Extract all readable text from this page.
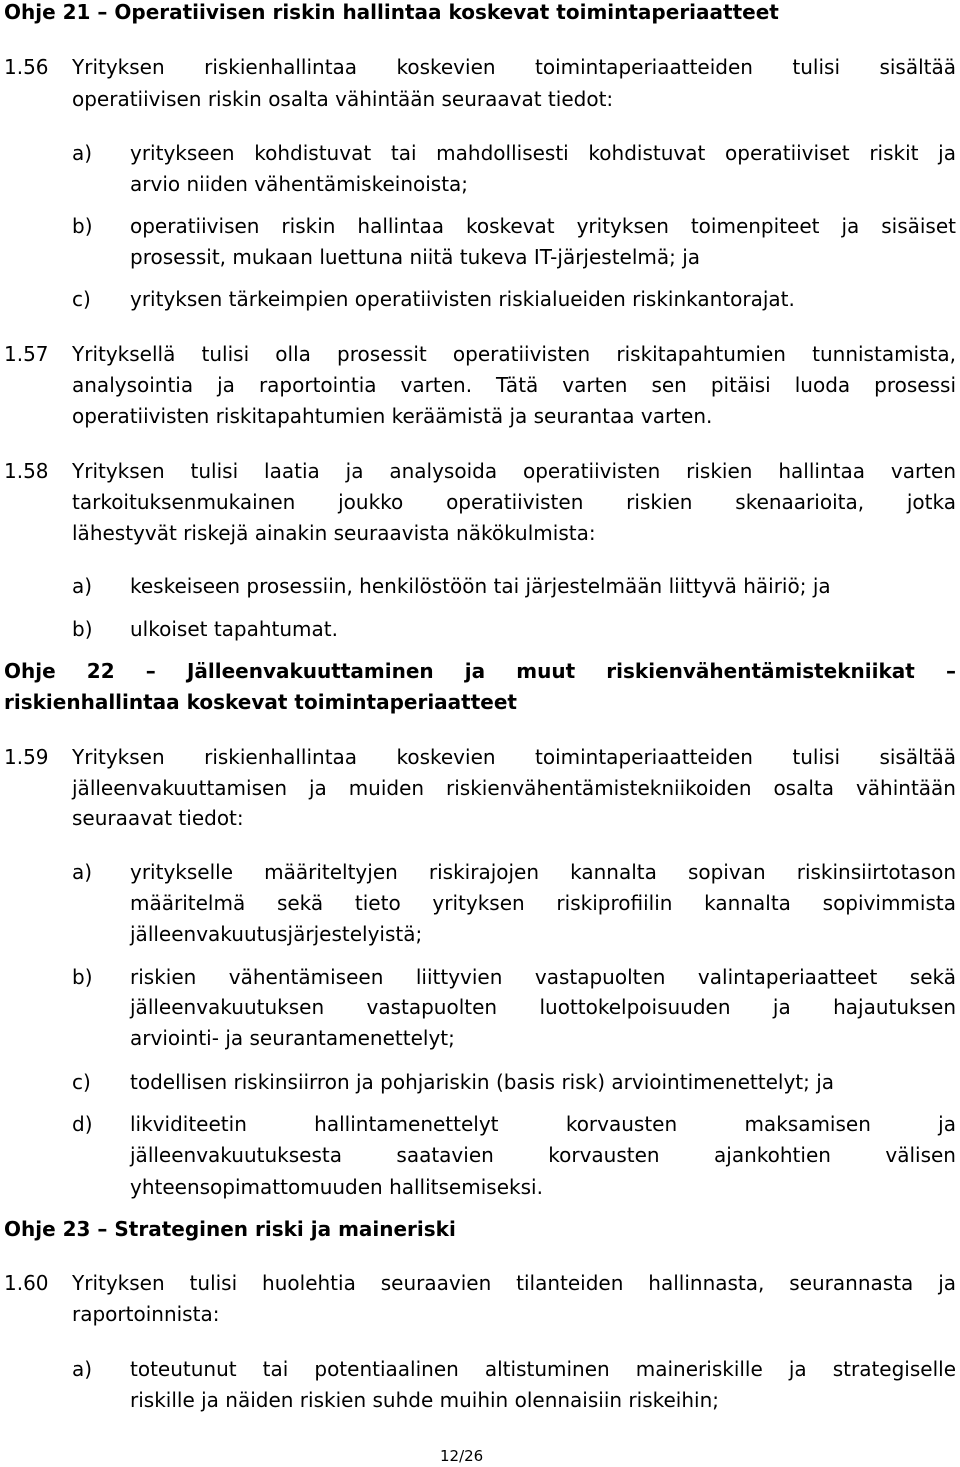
Ohje 21 – Operatiivisen riskin hallintaa koskevat toimintaperiaatteet
1.56 Yrityksen riskienhallintaa koskevien toimintaperiaatteiden tulisi sisältää
operatiivisen riskin osalta vähintään seuraavat tiedot:
a) yritykseen kohdistuvat tai mahdollisesti kohdistuvat operatiiviset riskit ja
arvio niiden vähentämiskeinoista;
b) operatiivisen riskin hallintaa koskevat yrityksen toimenpiteet ja sisäiset
prosessit, mukaan luettuna niitä tukeva IT-järjestelmä; ja
c) yrityksen tärkeimpien operatiivisten riskialueiden riskinkantorajat.
1.57 Yrityksellä tulisi olla prosessit operatiivisten riskitapahtumien tunnistamista,
analysointia ja raportointia varten. Tätä varten sen pitäisi luoda prosessi
operatiivisten riskitapahtumien keräämistä ja seurantaa varten.
1.58 Yrityksen tulisi laatia ja analysoida operatiivisten riskien hallintaa varten
tarkoituksenmukainen joukko operatiivisten riskien skenaarioita, jotka
lähestyvät riskejä ainakin seuraavista näkökulmista:
a) keskeiseen prosessiin, henkilöstöön tai järjestelmään liittyvä häiriö; ja
b) ulkoiset tapahtumat.
Ohje 22 – Jälleenvakuuttaminen ja muut riskienvähentämistekniikat –
riskienhallintaa koskevat toimintaperiaatteet
1.59 Yrityksen riskienhallintaa koskevien toimintaperiaatteiden tulisi sisältää
jälleenvakuuttamisen ja muiden riskienvähentämistekniikoiden osalta vähintään
seuraavat tiedot:
a) yritykselle määriteltyjen riskirajojen kannalta sopivan riskinsiirtotason
määritelmä sekä tieto yrityksen riskiprofiilin kannalta sopivimmista
jälleenvakuutusjärjestelyistä;
b) riskien vähentämiseen liittyvien vastapuolten valintaperiaatteet sekä
jälleenvakuutuksen vastapuolten luottokelpoisuuden ja hajautuksen
arviointi- ja seurantamenettelyt;
c) todellisen riskinsiirron ja pohjariskin (basis risk) arviointimenettelyt; ja
d) likviditeetin hallintamenettelyt korvausten maksamisen ja
jälleenvakuutuksesta saatavien korvausten ajankohtien välisen
yhteensopimattomuuden hallitsemiseksi.
Ohje 23 – Strateginen riski ja maineriski
1.60 Yrityksen tulisi huolehtia seuraavien tilanteiden hallinnasta, seurannasta ja
raportoinnista:
a) toteutunut tai potentiaalinen altistuminen maineriskille ja strategiselle
riskille ja näiden riskien suhde muihin olennaisiin riskeihin;
12/26
